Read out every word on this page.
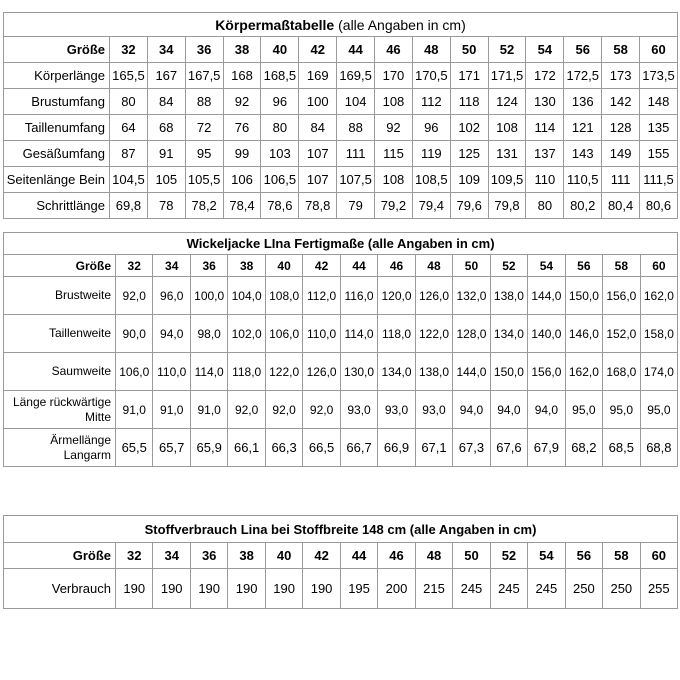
Körpermaßtabelle (alle Angaben in cm)															
Größe	32	34	36	38	40	42	44	46	48	50	52	54	56	58	60
Körperlänge	165,5	167	167,5	168	168,5	169	169,5	170	170,5	171	171,5	172	172,5	173	173,5
Brustumfang	80	84	88	92	96	100	104	108	112	118	124	130	136	142	148
Taillenumfang	64	68	72	76	80	84	88	92	96	102	108	114	121	128	135
Gesäßumfang	87	91	95	99	103	107	111	115	119	125	131	137	143	149	155
Seitenlänge Bein	104,5	105	105,5	106	106,5	107	107,5	108	108,5	109	109,5	110	110,5	111	111,5
Schrittlänge	69,8	78	78,2	78,4	78,6	78,8	79	79,2	79,4	79,6	79,8	80	80,2	80,4	80,6
Wickeljacke LIna Fertigmaße (alle Angaben in cm)															
Größe	32	34	36	38	40	42	44	46	48	50	52	54	56	58	60
Brustweite	92,0	96,0	100,0	104,0	108,0	112,0	116,0	120,0	126,0	132,0	138,0	144,0	150,0	156,0	162,0
Taillenweite	90,0	94,0	98,0	102,0	106,0	110,0	114,0	118,0	122,0	128,0	134,0	140,0	146,0	152,0	158,0
Saumweite	106,0	110,0	114,0	118,0	122,0	126,0	130,0	134,0	138,0	144,0	150,0	156,0	162,0	168,0	174,0
Länge rückwärtige Mitte	91,0	91,0	91,0	92,0	92,0	92,0	93,0	93,0	93,0	94,0	94,0	94,0	95,0	95,0	95,0
Ärmellänge Langarm	65,5	65,7	65,9	66,1	66,3	66,5	66,7	66,9	67,1	67,3	67,6	67,9	68,2	68,5	68,8
Stoffverbrauch Lina bei Stoffbreite 148 cm (alle Angaben in cm)															
Größe	32	34	36	38	40	42	44	46	48	50	52	54	56	58	60
Verbrauch	190	190	190	190	190	190	195	200	215	245	245	245	250	250	255
